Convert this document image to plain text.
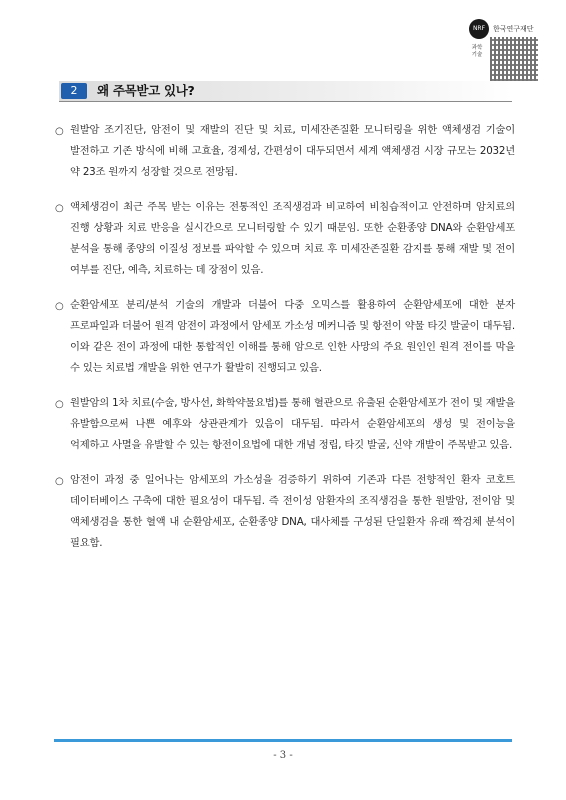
NRF	한국연구재단
과학기술
2	왜 주목받고 있나?
○ 원발암 조기진단, 암전이 및 재발의 진단 및 치료, 미세잔존질환 모니터링을 위한 액체생검 기술이 발전하고 기존 방식에 비해 고효율, 경제성, 간편성이 대두되면서 세계 액체생검 시장 규모는 2032년 약 23조 원까지 성장할 것으로 전망됨.

○ 액체생검이 최근 주목 받는 이유는 전통적인 조직생검과 비교하여 비침습적이고 안전하며 암치료의 진행 상황과 치료 반응을 실시간으로 모니터링할 수 있기 때문임. 또한 순환종양 DNA와 순환암세포 분석을 통해 종양의 이질성 정보를 파악할 수 있으며 치료 후 미세잔존질환 감지를 통해 재발 및 전이 여부를 진단, 예측, 치료하는 데 장점이 있음.

○ 순환암세포 분리/분석 기술의 개발과 더불어 다중 오믹스를 활용하여 순환암세포에 대한 분자 프로파일과 더불어 원격 암전이 과정에서 암세포 가소성 메커니즘 및 항전이 약물 타깃 발굴이 대두됨. 이와 같은 전이 과정에 대한 통합적인 이해를 통해 암으로 인한 사망의 주요 원인인 원격 전이를 막을 수 있는 치료법 개발을 위한 연구가 활발히 진행되고 있음.

○ 원발암의 1차 치료(수술, 방사선, 화학약물요법)를 통해 혈관으로 유출된 순환암세포가 전이 및 재발을 유발함으로써 나쁜 예후와 상관관계가 있음이 대두됨. 따라서 순환암세포의 생성 및 전이능을 억제하고 사멸을 유발할 수 있는 항전이요법에 대한 개념 정립, 타깃 발굴, 신약 개발이 주목받고 있음.

○ 암전이 과정 중 일어나는 암세포의 가소성을 검증하기 위하여 기존과 다른 전향적인 환자 코호트 데이터베이스 구축에 대한 필요성이 대두됨. 즉 전이성 암환자의 조직생검을 통한 원발암, 전이암 및 액체생검을 통한 혈액 내 순환암세포, 순환종양 DNA, 대사체를 구성된 단일환자 유래 짝검체 분석이 필요함.

- 3 -
